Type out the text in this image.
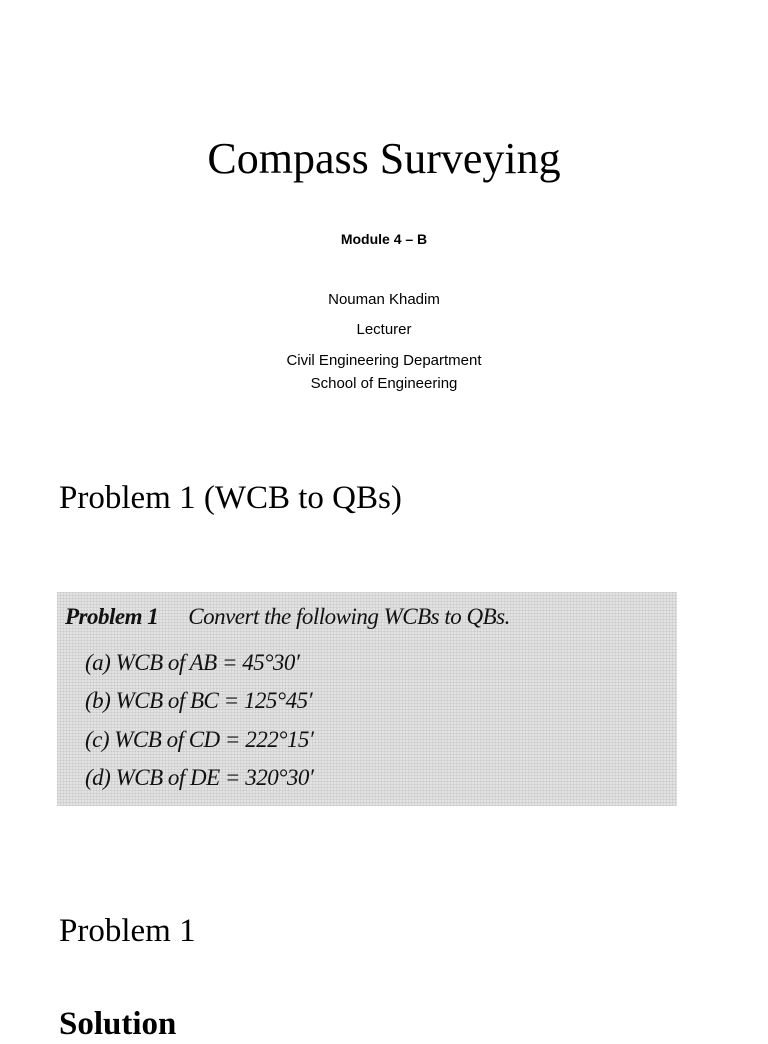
Compass Surveying
Module 4 – B
Nouman Khadim
Lecturer
Civil Engineering Department
School of Engineering
Problem 1 (WCB to QBs)
Problem 1 Convert the following WCBs to QBs.
(a) WCB of AB = 45°30′
(b) WCB of BC = 125°45′
(c) WCB of CD = 222°15′
(d) WCB of DE = 320°30′
Problem 1
Solution
